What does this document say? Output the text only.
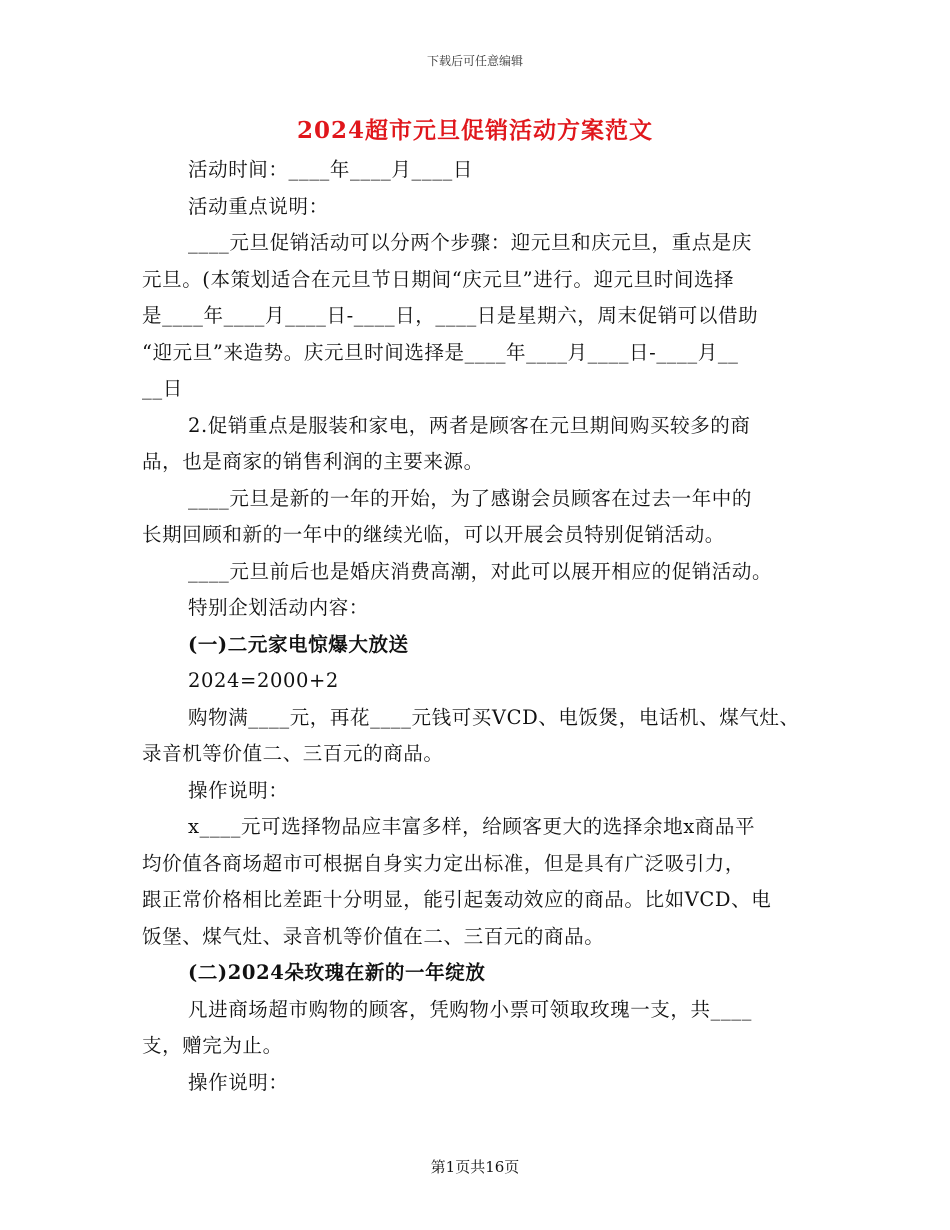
下载后可任意编辑
2024超市元旦促销活动方案范文
活动时间：____年____月____日
活动重点说明：
____元旦促销活动可以分两个步骤：迎元旦和庆元旦，重点是庆
元旦。(本策划适合在元旦节日期间“庆元旦”进行。迎元旦时间选择
是____年____月____日-____日，____日是星期六，周末促销可以借助
“迎元旦”来造势。庆元旦时间选择是____年____月____日-____月__
__日
2.促销重点是服装和家电，两者是顾客在元旦期间购买较多的商
品，也是商家的销售利润的主要来源。
____元旦是新的一年的开始，为了感谢会员顾客在过去一年中的
长期回顾和新的一年中的继续光临，可以开展会员特别促销活动。
____元旦前后也是婚庆消费高潮，对此可以展开相应的促销活动。
特别企划活动内容：
(一)二元家电惊爆大放送
2024=2000+2
购物满____元，再花____元钱可买VCD、电饭煲，电话机、煤气灶、
录音机等价值二、三百元的商品。
操作说明：
x____元可选择物品应丰富多样，给顾客更大的选择余地x商品平
均价值各商场超市可根据自身实力定出标准，但是具有广泛吸引力，
跟正常价格相比差距十分明显，能引起轰动效应的商品。比如VCD、电
饭堡、煤气灶、录音机等价值在二、三百元的商品。
(二)2024朵玫瑰在新的一年绽放
凡进商场超市购物的顾客，凭购物小票可领取玫瑰一支，共____
支，赠完为止。
操作说明：
第1页共16页
